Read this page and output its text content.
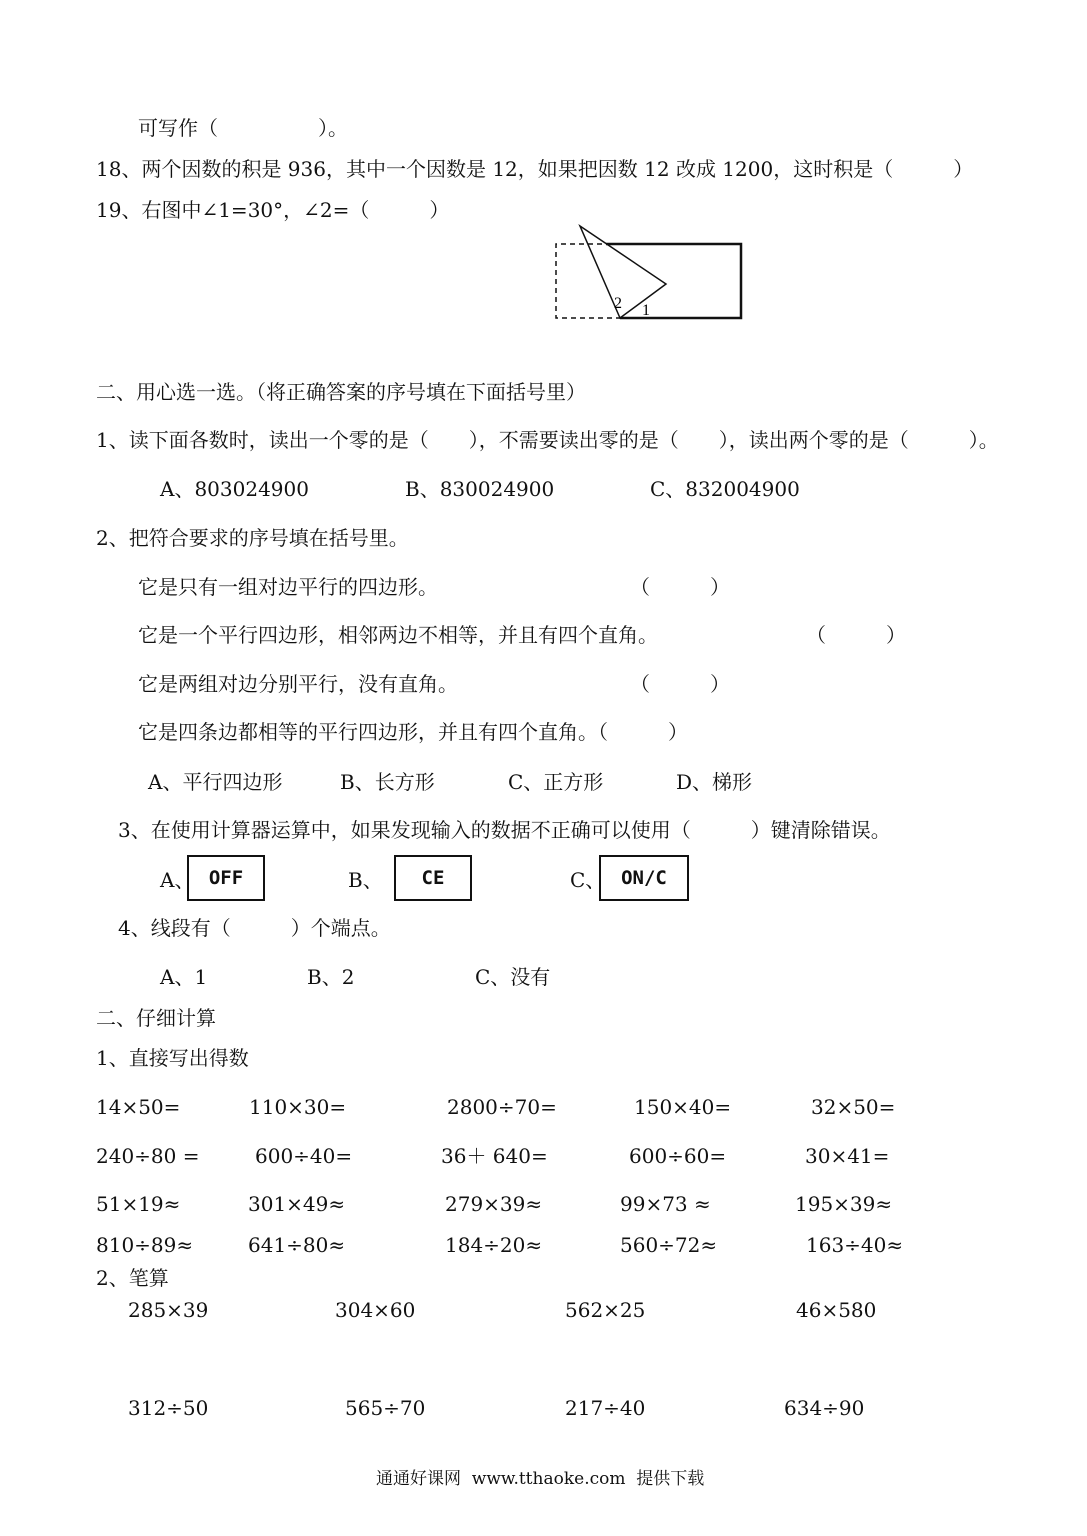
可写作（　　　　　）。
18、两个因数的积是 936，其中一个因数是 12，如果把因数 12 改成 1200，这时积是（　　　）
19、右图中∠1=30°，∠2=（　　　）
2 1
二、用心选一选。（将正确答案的序号填在下面括号里）
1、读下面各数时，读出一个零的是（　　），不需要读出零的是（　　），读出两个零的是（　　　）。
A、803024900	B、830024900	C、832004900
2、把符合要求的序号填在括号里。
它是只有一组对边平行的四边形。	（　　　）
它是一个平行四边形，相邻两边不相等，并且有四个直角。	（　　　）
它是两组对边分别平行，没有直角。	（　　　）
它是四条边都相等的平行四边形，并且有四个直角。（　　　）
A、平行四边形	B、长方形	C、正方形	D、梯形
3、在使用计算器运算中，如果发现输入的数据不正确可以使用（　　　）键清除错误。
A、 OFF	B、	CE	C、 ON/C
4、线段有（　　　）个端点。
A、1	B、2	C、没有
二、仔细计算
1、直接写出得数
14×50=	110×30=	2800÷70=	150×40=	32×50=
240÷80 =	600÷40=	36＋ 640=	600÷60=	30×41=
51×19≈	301×49≈	279×39≈	99×73 ≈	195×39≈
810÷89≈	641÷80≈	184÷20≈	560÷72≈	163÷40≈
2、笔算
285×39	304×60	562×25	46×580
312÷50	565÷70	217÷40	634÷90
通通好课网  www.tthaoke.com  提供下载
